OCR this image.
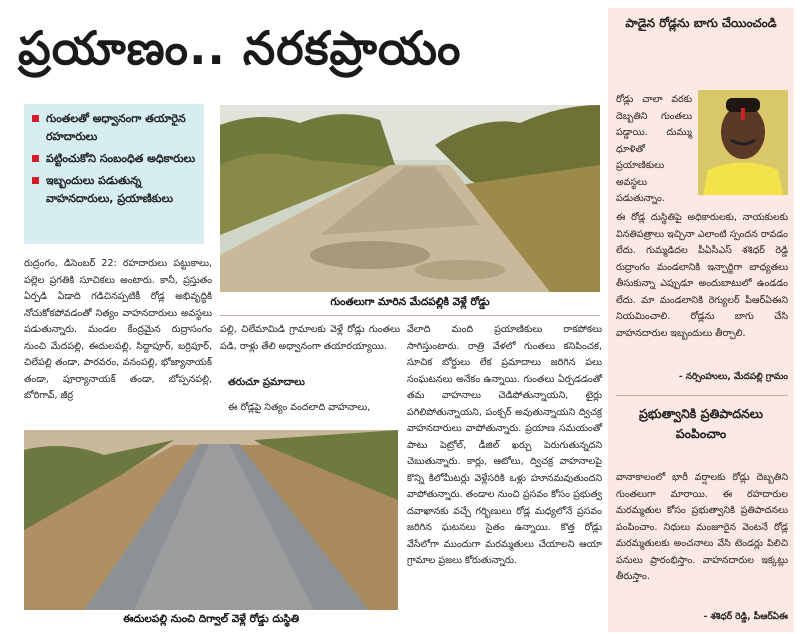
ప్రయాణం.. నరకప్రాయం
గుంతలతో అధ్వానంగా తయారైన రహదారులు
పట్టించుకోని సంబంధిత అధికారులు
ఇబ్బందులు పడుతున్న వాహనదారులు, ప్రయాణికులు
గుంతలుగా మారిన మేదపల్లికి వెళ్లే రోడ్డు
రుద్రంగం, డిసెంబర్ 22: రహదారులు పట్టుకాలు, పల్లెల ప్రగతికి సూచికలు అంటారు. కానీ, ప్రస్తుతం ఏర్పడి ఏడాది గడిచినప్పటికీ రోడ్ల అభివృద్ధికి నోచుకోకపోవడంతో నిత్యం వాహనదారులు అవస్థలు పడుతున్నారు. మండల కేంద్రమైన రుద్రాసంగం నుంచి మేదపల్లి, ఈదులపల్లి, సిద్దాపూర్, బర్రిపూర్, చిలేపల్లి తండా, పారవరం, వనంపల్లి, భోజ్యానాయక్ తండా, పూర్యానాయక్ తండా, బోప్పనపల్లి, బోరిగావ్, జీర్ర
పల్లి, చిలేమామిడి గ్రామాలకు వెళ్లే రోడ్లు గుంతలు పడి, రాళ్లు తేలి అధ్వానంగా తయారయ్యాయి.
తరుచూ ప్రమాదాలు
ఈ రోడ్లపై నిత్యం వందలాది వాహనాలు,
వేలాది మంది ప్రయాణికులు రాకపోకలు సాగిస్తుంటారు. రాత్రి వేళలో గుంతలు కనిపించక, సూచిక బోర్డులు లేక ప్రమాదాలు జరిగిన పలు సంఘటనలు అనేకం ఉన్నాయి. గుంతలు ఏర్పడడంతో తమ వాహనాలు చెడిపోతున్నాయని, టైర్లు పగిలిపోతున్నాయని, పంక్చర్ అవుతున్నాయని ద్విచక్ర వాహనదారులు వాపోతున్నారు. ప్రయాణ సమయంతో పాటు పెట్రోల్, డీజిల్ ఖర్చు పెరుగుతున్నదని చెబుతున్నారు. కార్లు, ఆటోలు, ద్విచక్ర వాహనాలపై కొన్ని కిలోమీటర్లు వెళ్లేసరికి ఒళ్లు హూనమవుతుందని వాపోతున్నారు. తండాల నుంచి ప్రసవం కోసం ప్రభుత్వ దవాఖానకు వచ్చే గర్భిణులు రోడ్ల మధ్యలోనే ప్రసవం జరిగిన ఘటనలు సైతం ఉన్నాయి. కొత్త రోడ్లు వేసేలోగా ముందుగా మరమ్మతులు చేయాలని ఆయా గ్రామాల ప్రజలు కోరుతున్నారు.
ఈదులపల్లి నుంచి దిగ్వాల్ వెళ్లే రోడ్డు దుస్థితి
పాడైన రోడ్లను బాగు చేయించండి
రోడ్లు చాలా వరకు దెబ్బతిని గుంతలు పడ్డాయి. దుమ్ము ధూళితో ప్రయాణికులు అవస్థలు పడుతున్నాం.
ఈ రోడ్ల దుస్థితిపై అధికారులకు, నాయకులకు వినతిపత్రాలు ఇచ్చినా ఎలాంటి స్పందన రావడం లేదు. గుమ్మడిదల పీఏసీఎస్ శశిధర్ రెడ్డి రుద్రాంగం మండలానికి ఇన్చార్జిగా బాధ్యతలు తీసుకున్నా ఎప్పుడూ అందుబాటులో ఉండడం లేదు. మా మండలానికి రెగ్యులర్ పీఆర్ఏఈని నియమించాలి. రోడ్లను బాగు చేసి వాహనదారుల ఇబ్బందులు తీర్చాలి.
- నర్సింహులు, మేదపల్లి గ్రామం
ప్రభుత్వానికి ప్రతిపాదనలు పంపించాం
వానాకాలంలో భారీ వర్షాలకు రోడ్లు దెబ్బతిని గుంతలుగా మారాయి. ఈ రహదారుల మరమ్మతుల కోసం ప్రభుత్వానికి ప్రతిపాదనలు పంపించాం. నిధులు మంజూరైన వెంటనే రోడ్ల మరమ్మతులకు అంచనాలు వేసి టెండర్లు పిలిచి పనులు ప్రారంభిస్తాం. వాహనదారుల ఇక్కట్లు తీరుస్తాం.
- శశిధర్ రెడ్డి, పీఆర్ఏఈ
